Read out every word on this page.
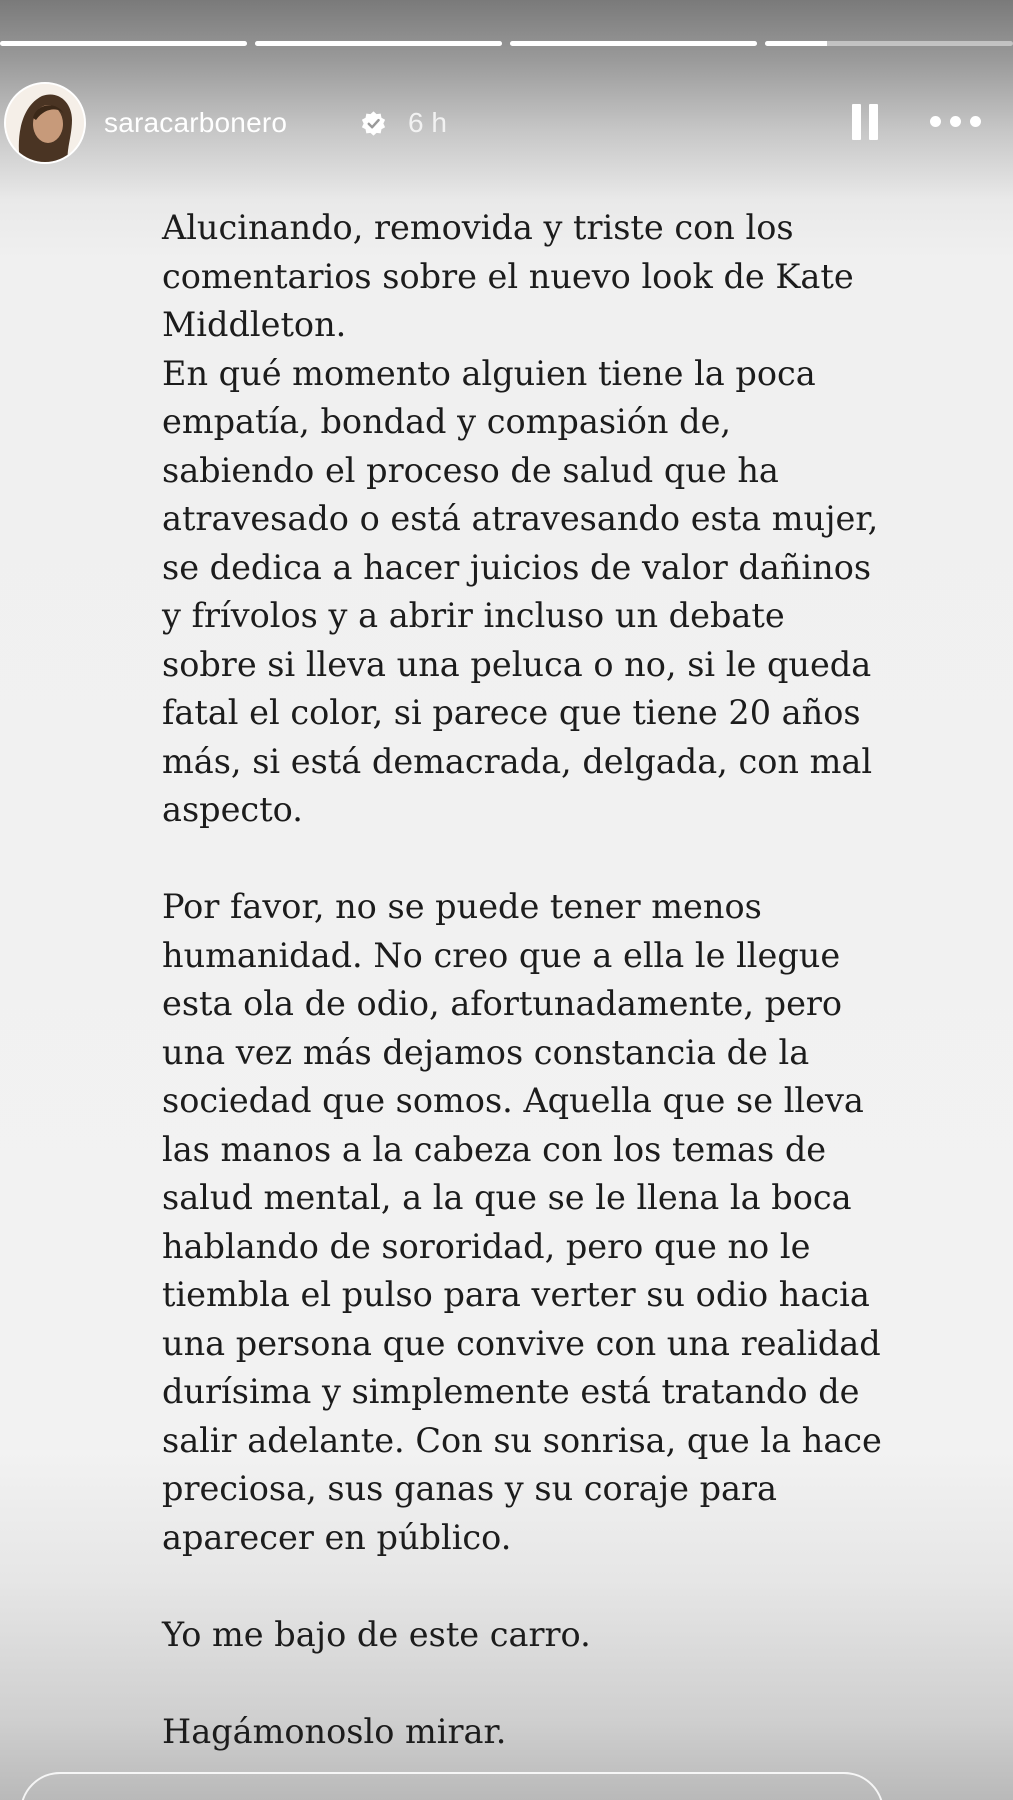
saracarbonero	6 h

Alucinando, removida y triste con los
comentarios sobre el nuevo look de Kate
Middleton.
En qué momento alguien tiene la poca
empatía, bondad y compasión de,
sabiendo el proceso de salud que ha
atravesado o está atravesando esta mujer,
se dedica a hacer juicios de valor dañinos
y frívolos y a abrir incluso un debate
sobre si lleva una peluca o no, si le queda
fatal el color, si parece que tiene 20 años
más, si está demacrada, delgada, con mal
aspecto.

Por favor, no se puede tener menos
humanidad. No creo que a ella le llegue
esta ola de odio, afortunadamente, pero
una vez más dejamos constancia de la
sociedad que somos. Aquella que se lleva
las manos a la cabeza con los temas de
salud mental, a la que se le llena la boca
hablando de sororidad, pero que no le
tiembla el pulso para verter su odio hacia
una persona que convive con una realidad
durísima y simplemente está tratando de
salir adelante. Con su sonrisa, que la hace
preciosa, sus ganas y su coraje para
aparecer en público.

Yo me bajo de este carro.

Hagámonoslo mirar.
